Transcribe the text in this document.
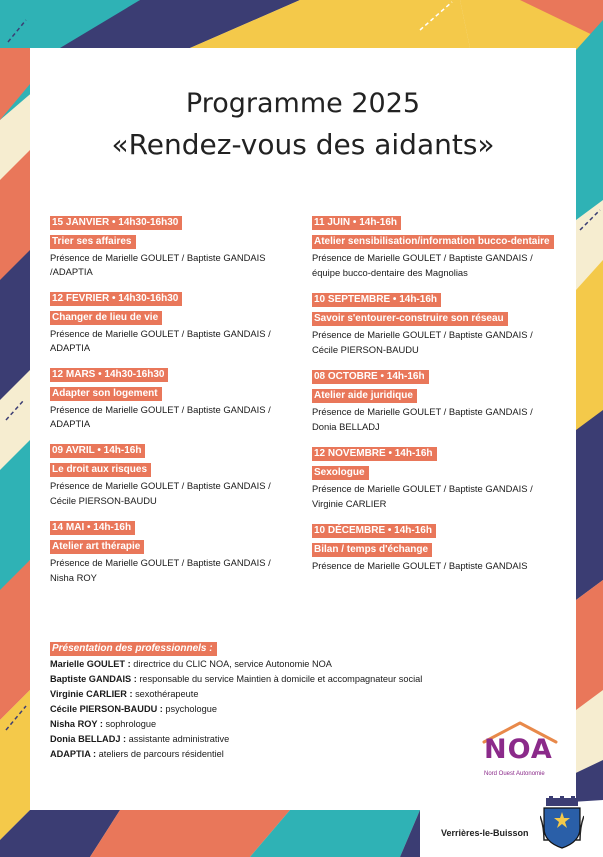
Programme 2025
«Rendez-vous des aidants»
15 JANVIER • 14h30-16h30
Trier ses affaires
Présence de Marielle GOULET / Baptiste GANDAIS /ADAPTIA
12 FEVRIER • 14h30-16h30
Changer de lieu de vie
Présence de Marielle GOULET / Baptiste GANDAIS / ADAPTIA
12 MARS • 14h30-16h30
Adapter son logement
Présence de Marielle GOULET / Baptiste GANDAIS / ADAPTIA
09 AVRIL • 14h-16h
Le droit aux risques
Présence de Marielle GOULET / Baptiste GANDAIS /
Cécile PIERSON-BAUDU
14 MAI • 14h-16h
Atelier art thérapie
Présence de Marielle GOULET / Baptiste GANDAIS /
Nisha ROY
11 JUIN • 14h-16h
Atelier sensibilisation/information bucco-dentaire
Présence de Marielle GOULET / Baptiste GANDAIS /
équipe bucco-dentaire des Magnolias
10 SEPTEMBRE • 14h-16h
Savoir s'entourer-construire son réseau
Présence de Marielle GOULET / Baptiste GANDAIS /
Cécile PIERSON-BAUDU
08 OCTOBRE • 14h-16h
Atelier aide juridique
Présence de Marielle GOULET / Baptiste GANDAIS /
Donia BELLADJ
12 NOVEMBRE • 14h-16h
Sexologue
Présence de Marielle GOULET / Baptiste GANDAIS /
Virginie CARLIER
10 DÉCEMBRE • 14h-16h
Bilan / temps d'échange
Présence de Marielle GOULET / Baptiste GANDAIS
Présentation des professionnels :
Marielle GOULET : directrice du CLIC NOA, service Autonomie NOA
Baptiste GANDAIS : responsable du service Maintien à domicile et accompagnateur social
Virginie CARLIER : sexothérapeute
Cécile PIERSON-BAUDU : psychologue
Nisha ROY : sophrologue
Donia BELLADJ : assistante administrative
ADAPTIA : ateliers de parcours résidentiel	NOA
Nord Ouest Autonomie
Verrières-le-Buisson
